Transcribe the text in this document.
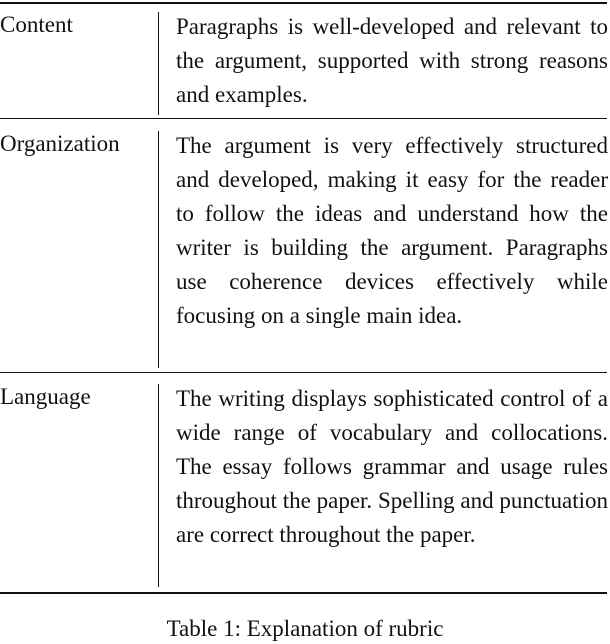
Content	Paragraphs is well-developed and relevant to the argument, supported with strong reasons and examples.
Organization The argument is very effectively structured and developed, making it easy for the reader to follow the ideas and understand how the writer is building the argument. Paragraphs use coherence devices effectively while focusing on a single main idea.
Language	The writing displays sophisticated control of a wide range of vocabulary and collocations. The essay follows grammar and usage rules throughout the paper. Spelling and punctuation are correct throughout the paper.
Table 1: Explanation of rubric
